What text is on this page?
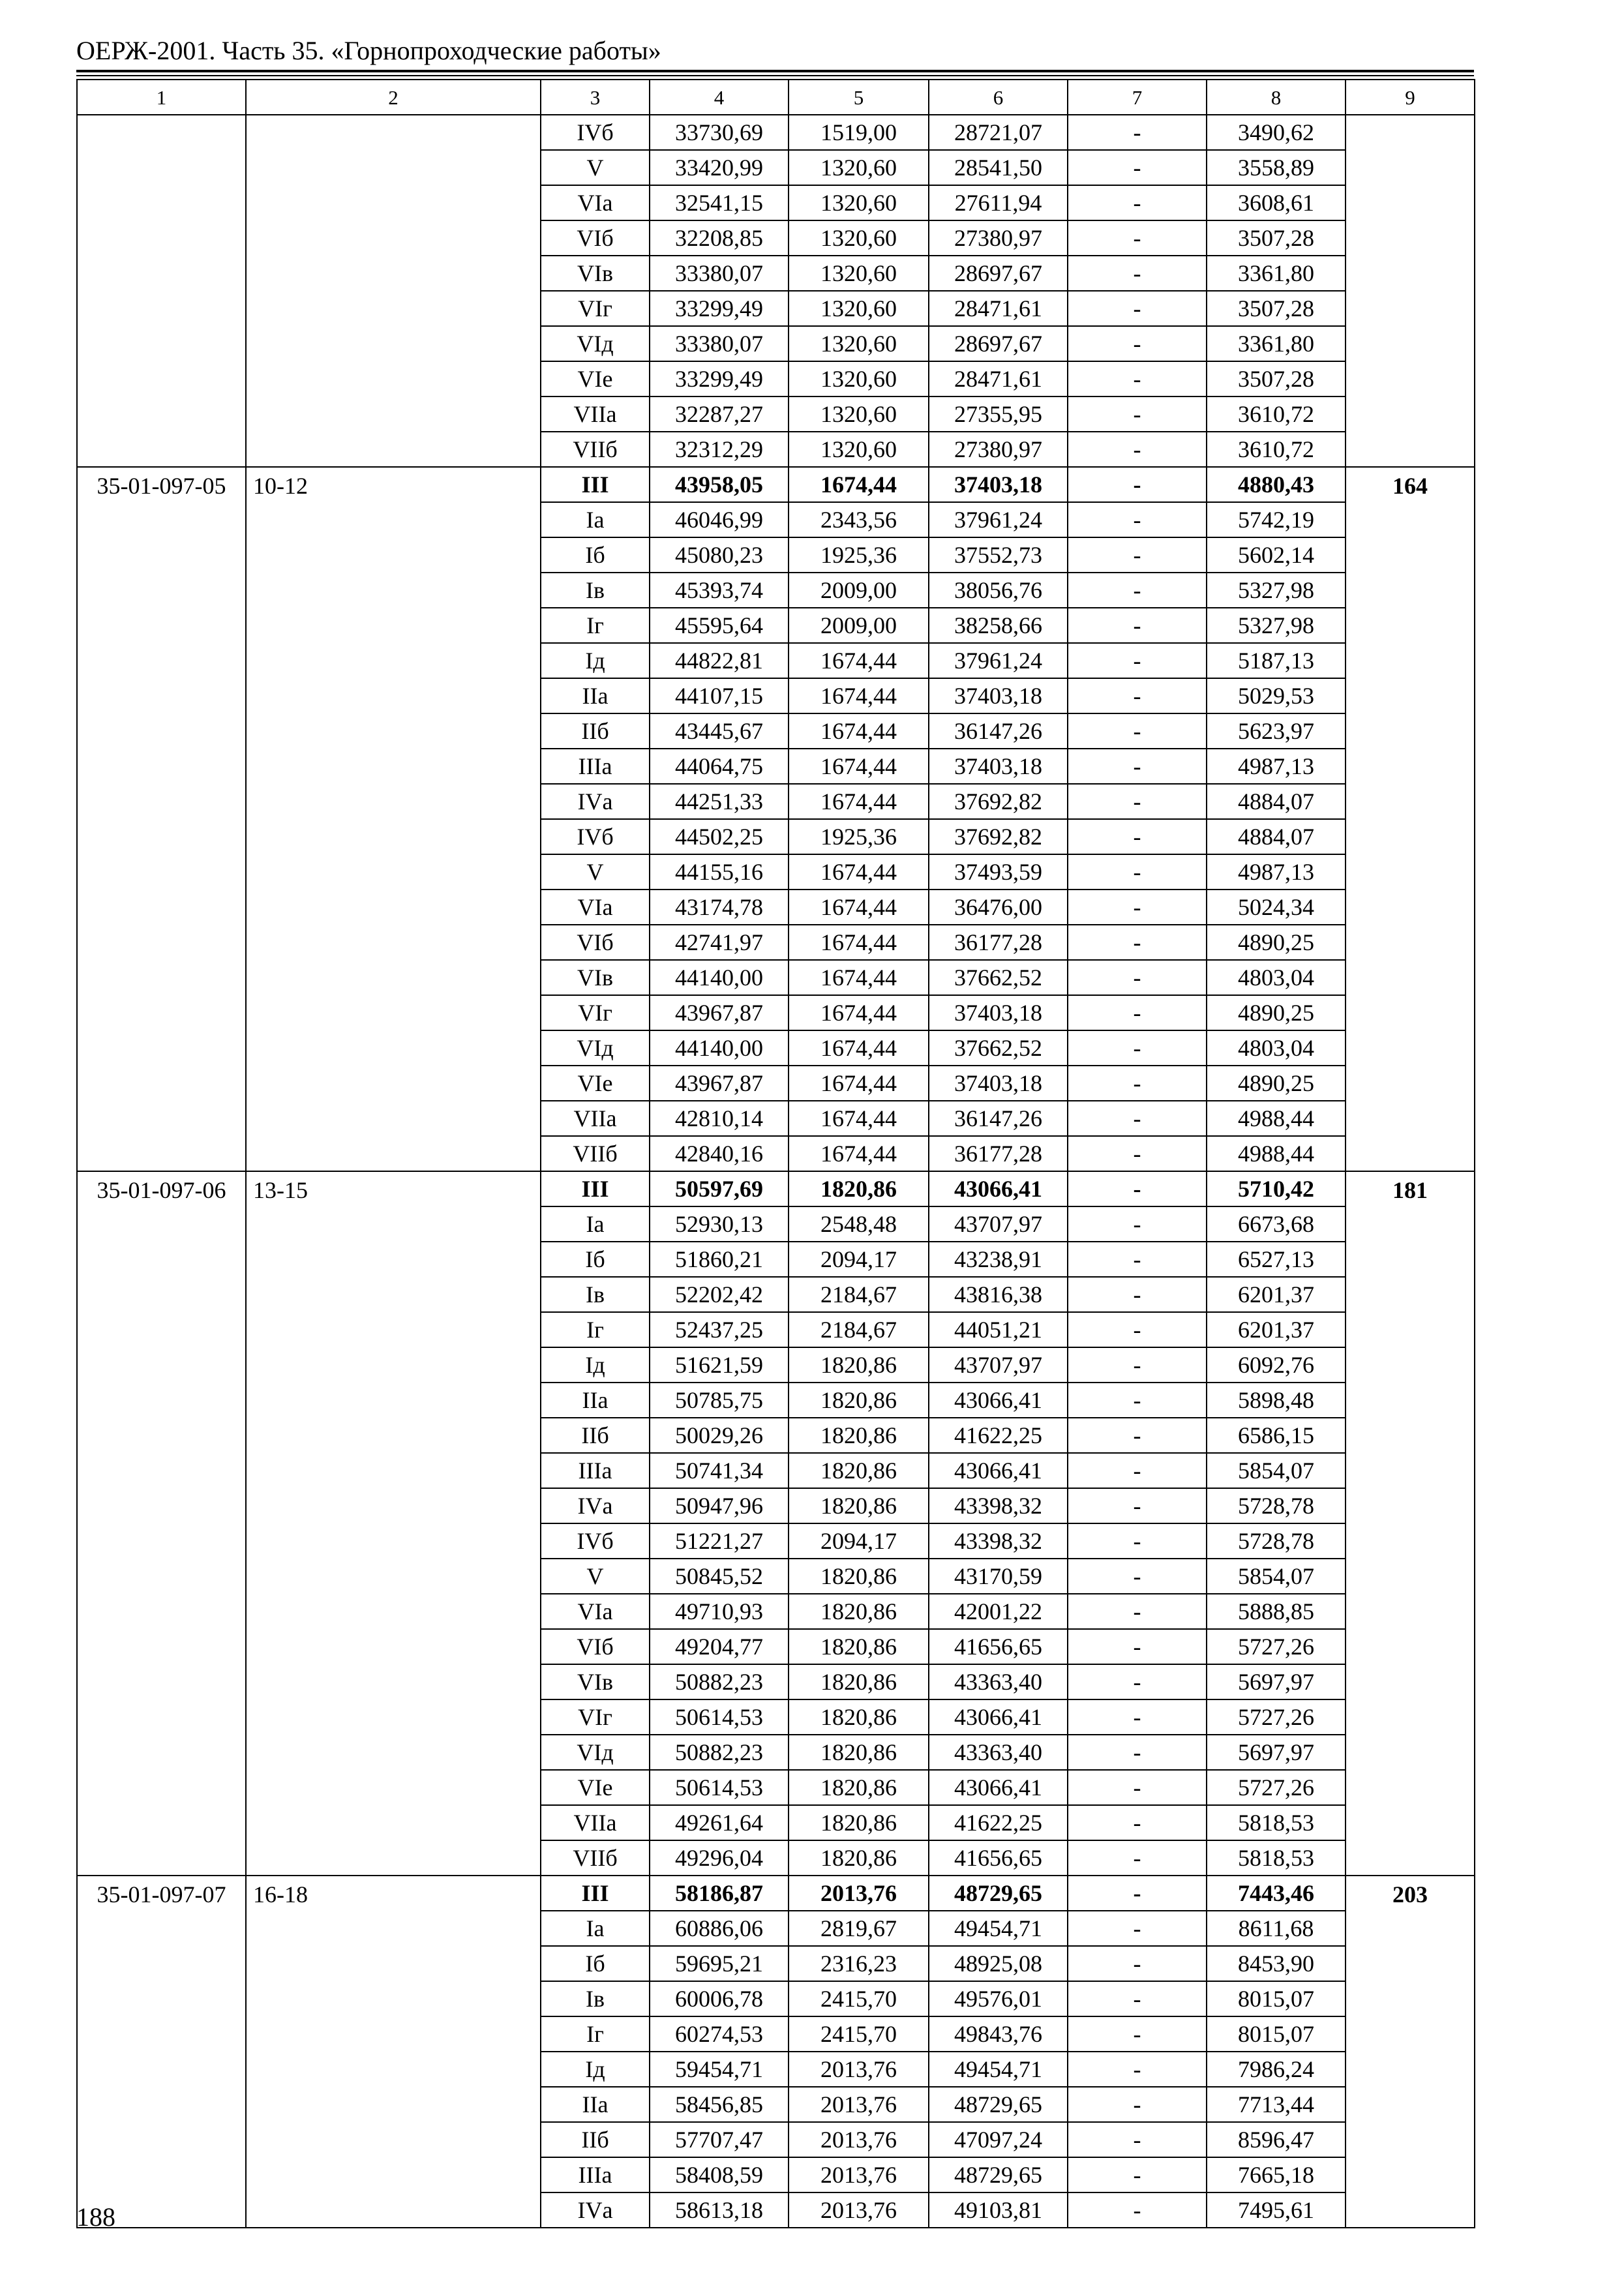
ОЕРЖ-2001. Часть 35. «Горнопроходческие работы»
1	2	3	4	5	6	7	8	9
		IVб	33730,69	1519,00	28721,07	-	3490,62	
		V	33420,99	1320,60	28541,50	-	3558,89	
		VIа	32541,15	1320,60	27611,94	-	3608,61	
		VIб	32208,85	1320,60	27380,97	-	3507,28	
		VIв	33380,07	1320,60	28697,67	-	3361,80	
		VIг	33299,49	1320,60	28471,61	-	3507,28	
		VIд	33380,07	1320,60	28697,67	-	3361,80	
		VIе	33299,49	1320,60	28471,61	-	3507,28	
		VIIа	32287,27	1320,60	27355,95	-	3610,72	
		VIIб	32312,29	1320,60	27380,97	-	3610,72	
35-01-097-05	10-12	III	43958,05	1674,44	37403,18	-	4880,43	164
		Iа	46046,99	2343,56	37961,24	-	5742,19	
		Iб	45080,23	1925,36	37552,73	-	5602,14	
		Iв	45393,74	2009,00	38056,76	-	5327,98	
		Iг	45595,64	2009,00	38258,66	-	5327,98	
		Iд	44822,81	1674,44	37961,24	-	5187,13	
		IIа	44107,15	1674,44	37403,18	-	5029,53	
		IIб	43445,67	1674,44	36147,26	-	5623,97	
		IIIа	44064,75	1674,44	37403,18	-	4987,13	
		IVа	44251,33	1674,44	37692,82	-	4884,07	
		IVб	44502,25	1925,36	37692,82	-	4884,07	
		V	44155,16	1674,44	37493,59	-	4987,13	
		VIа	43174,78	1674,44	36476,00	-	5024,34	
		VIб	42741,97	1674,44	36177,28	-	4890,25	
		VIв	44140,00	1674,44	37662,52	-	4803,04	
		VIг	43967,87	1674,44	37403,18	-	4890,25	
		VIд	44140,00	1674,44	37662,52	-	4803,04	
		VIе	43967,87	1674,44	37403,18	-	4890,25	
		VIIа	42810,14	1674,44	36147,26	-	4988,44	
		VIIб	42840,16	1674,44	36177,28	-	4988,44	
35-01-097-06	13-15	III	50597,69	1820,86	43066,41	-	5710,42	181
		Iа	52930,13	2548,48	43707,97	-	6673,68	
		Iб	51860,21	2094,17	43238,91	-	6527,13	
		Iв	52202,42	2184,67	43816,38	-	6201,37	
		Iг	52437,25	2184,67	44051,21	-	6201,37	
		Iд	51621,59	1820,86	43707,97	-	6092,76	
		IIа	50785,75	1820,86	43066,41	-	5898,48	
		IIб	50029,26	1820,86	41622,25	-	6586,15	
		IIIа	50741,34	1820,86	43066,41	-	5854,07	
		IVа	50947,96	1820,86	43398,32	-	5728,78	
		IVб	51221,27	2094,17	43398,32	-	5728,78	
		V	50845,52	1820,86	43170,59	-	5854,07	
		VIа	49710,93	1820,86	42001,22	-	5888,85	
		VIб	49204,77	1820,86	41656,65	-	5727,26	
		VIв	50882,23	1820,86	43363,40	-	5697,97	
		VIг	50614,53	1820,86	43066,41	-	5727,26	
		VIд	50882,23	1820,86	43363,40	-	5697,97	
		VIе	50614,53	1820,86	43066,41	-	5727,26	
		VIIа	49261,64	1820,86	41622,25	-	5818,53	
		VIIб	49296,04	1820,86	41656,65	-	5818,53	
35-01-097-07	16-18	III	58186,87	2013,76	48729,65	-	7443,46	203
		Iа	60886,06	2819,67	49454,71	-	8611,68	
		Iб	59695,21	2316,23	48925,08	-	8453,90	
		Iв	60006,78	2415,70	49576,01	-	8015,07	
		Iг	60274,53	2415,70	49843,76	-	8015,07	
		Iд	59454,71	2013,76	49454,71	-	7986,24	
		IIа	58456,85	2013,76	48729,65	-	7713,44	
		IIб	57707,47	2013,76	47097,24	-	8596,47	
		IIIа	58408,59	2013,76	48729,65	-	7665,18	
		IVа	58613,18	2013,76	49103,81	-	7495,61	
188
